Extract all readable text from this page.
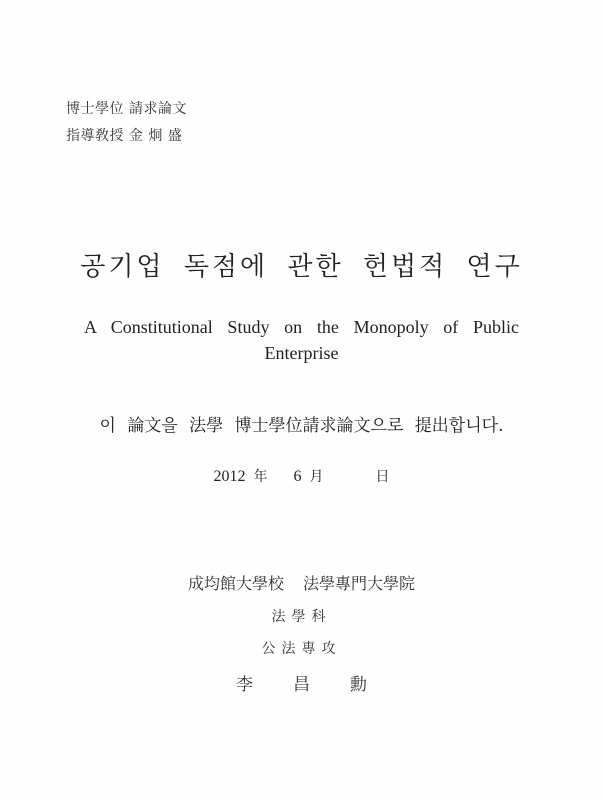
博士學位 請求論文
指導敎授 金 炯 盛
공기업 독점에 관한 헌법적 연구
A Constitutional Study on the Monopoly of Public
Enterprise
이 論文을 法學 博士學位請求論文으로 提出합니다.
2012 年 6 月	日
成均館大學校 法學專門大學院
法學科
公法專攻
李 昌 勳
